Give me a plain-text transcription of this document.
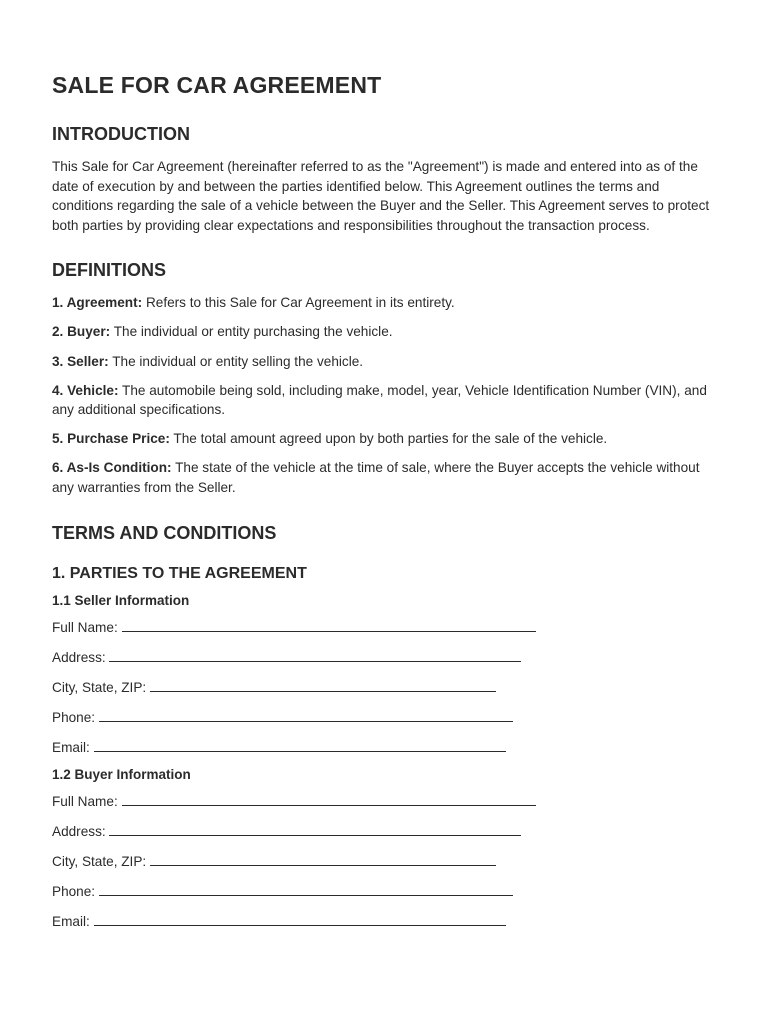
SALE FOR CAR AGREEMENT
INTRODUCTION

This Sale for Car Agreement (hereinafter referred to as the "Agreement") is made and entered into as of the date of execution by and between the parties identified below. This Agreement outlines the terms and conditions regarding the sale of a vehicle between the Buyer and the Seller. This Agreement serves to protect both parties by providing clear expectations and responsibilities throughout the transaction process.

DEFINITIONS

1. Agreement: Refers to this Sale for Car Agreement in its entirety.

2. Buyer: The individual or entity purchasing the vehicle.

3. Seller: The individual or entity selling the vehicle.

4. Vehicle: The automobile being sold, including make, model, year, Vehicle Identification Number (VIN), and any additional specifications.

5. Purchase Price: The total amount agreed upon by both parties for the sale of the vehicle.

6. As-Is Condition: The state of the vehicle at the time of sale, where the Buyer accepts the vehicle without any warranties from the Seller.

TERMS AND CONDITIONS
1. PARTIES TO THE AGREEMENT
1.1 Seller Information
Full Name:
Address:
City, State, ZIP:
Phone:
Email:
1.2 Buyer Information
Full Name:
Address:
City, State, ZIP:
Phone:
Email:
